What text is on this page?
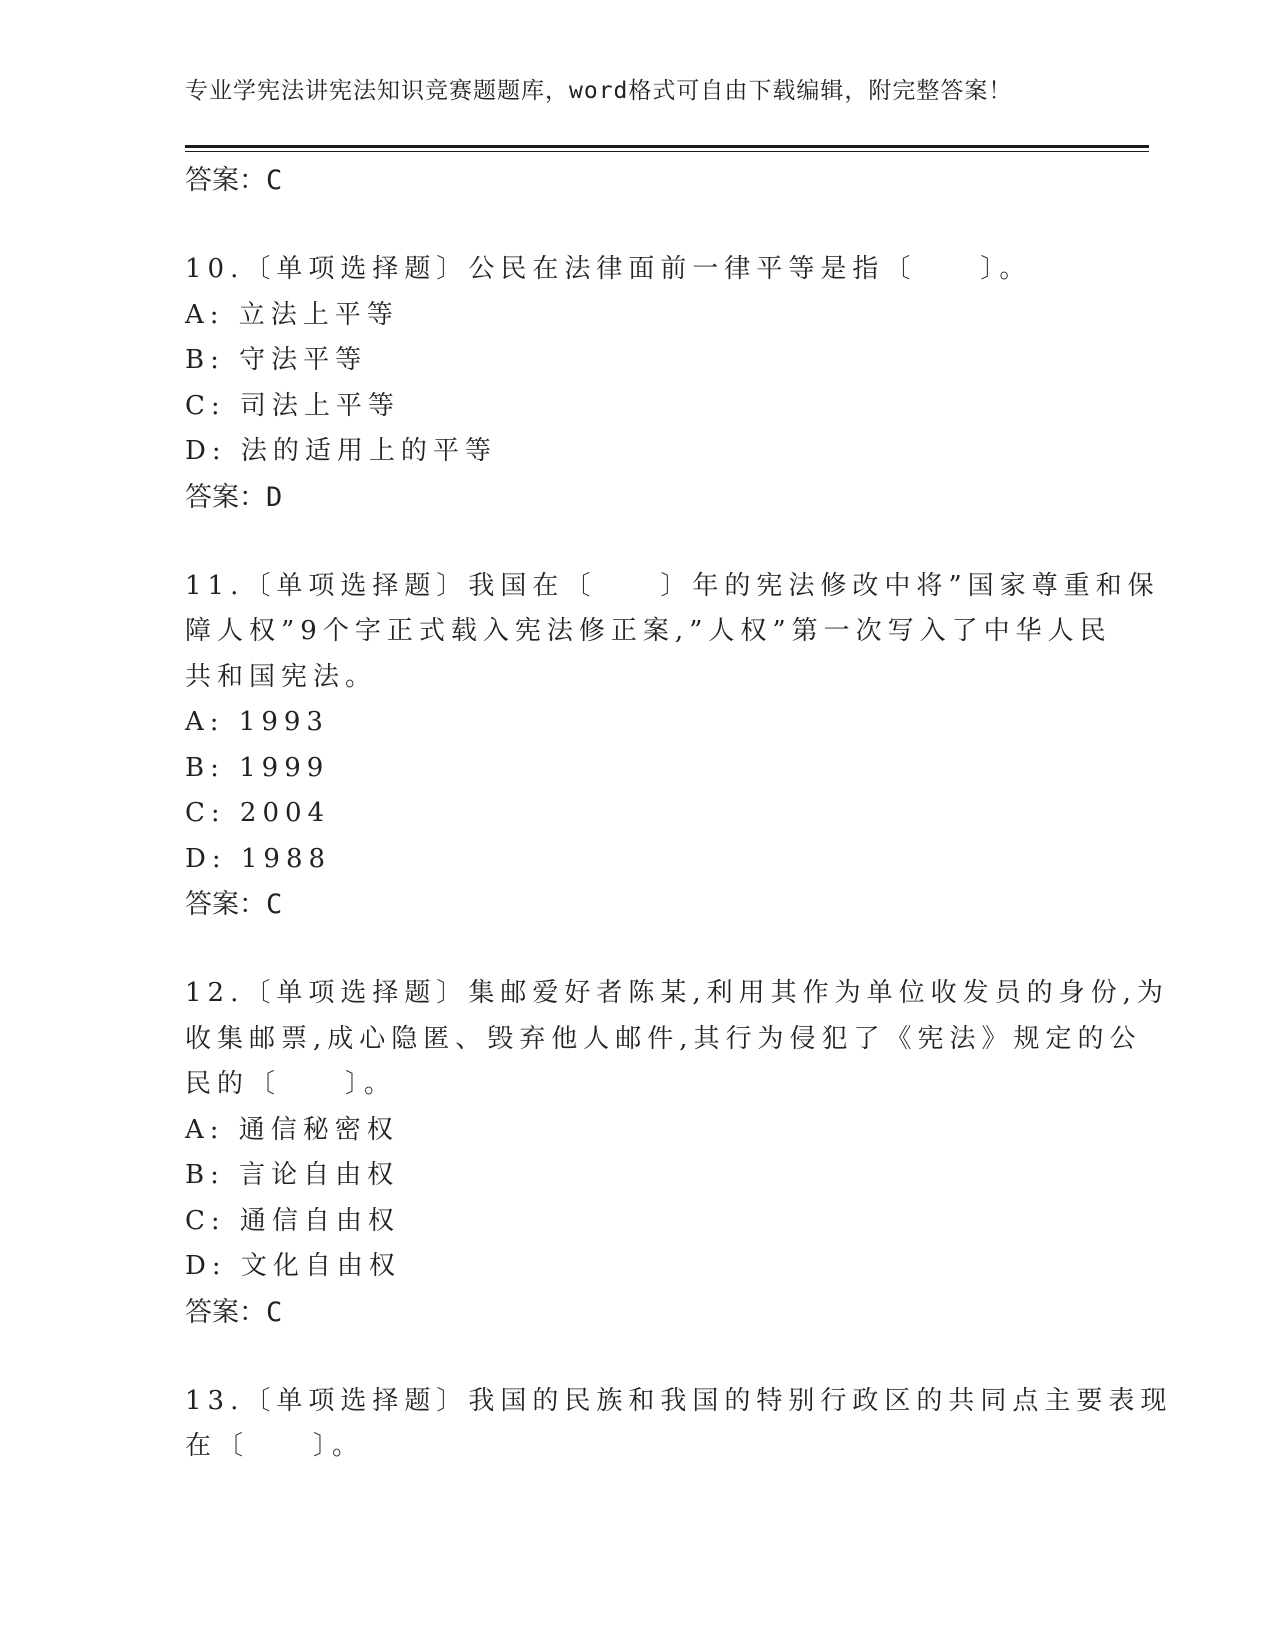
专业学宪法讲宪法知识竞赛题题库，word格式可自由下载编辑，附完整答案！
答案：C
10.〔单项选择题〕公民在法律面前一律平等是指〔　　〕。
A: 立法上平等
B: 守法平等
C: 司法上平等
D: 法的适用上的平等
答案：D
11.〔单项选择题〕我国在〔　　〕年的宪法修改中将”国家尊重和保
障人权”9个字正式载入宪法修正案,”人权”第一次写入了中华人民
共和国宪法。
A: 1993
B: 1999
C: 2004
D: 1988
答案：C
12.〔单项选择题〕集邮爱好者陈某,利用其作为单位收发员的身份,为
收集邮票,成心隐匿、毁弃他人邮件,其行为侵犯了《宪法》规定的公
民的〔　　〕。
A: 通信秘密权
B: 言论自由权
C: 通信自由权
D: 文化自由权
答案：C
13.〔单项选择题〕我国的民族和我国的特别行政区的共同点主要表现
在〔　　〕。
